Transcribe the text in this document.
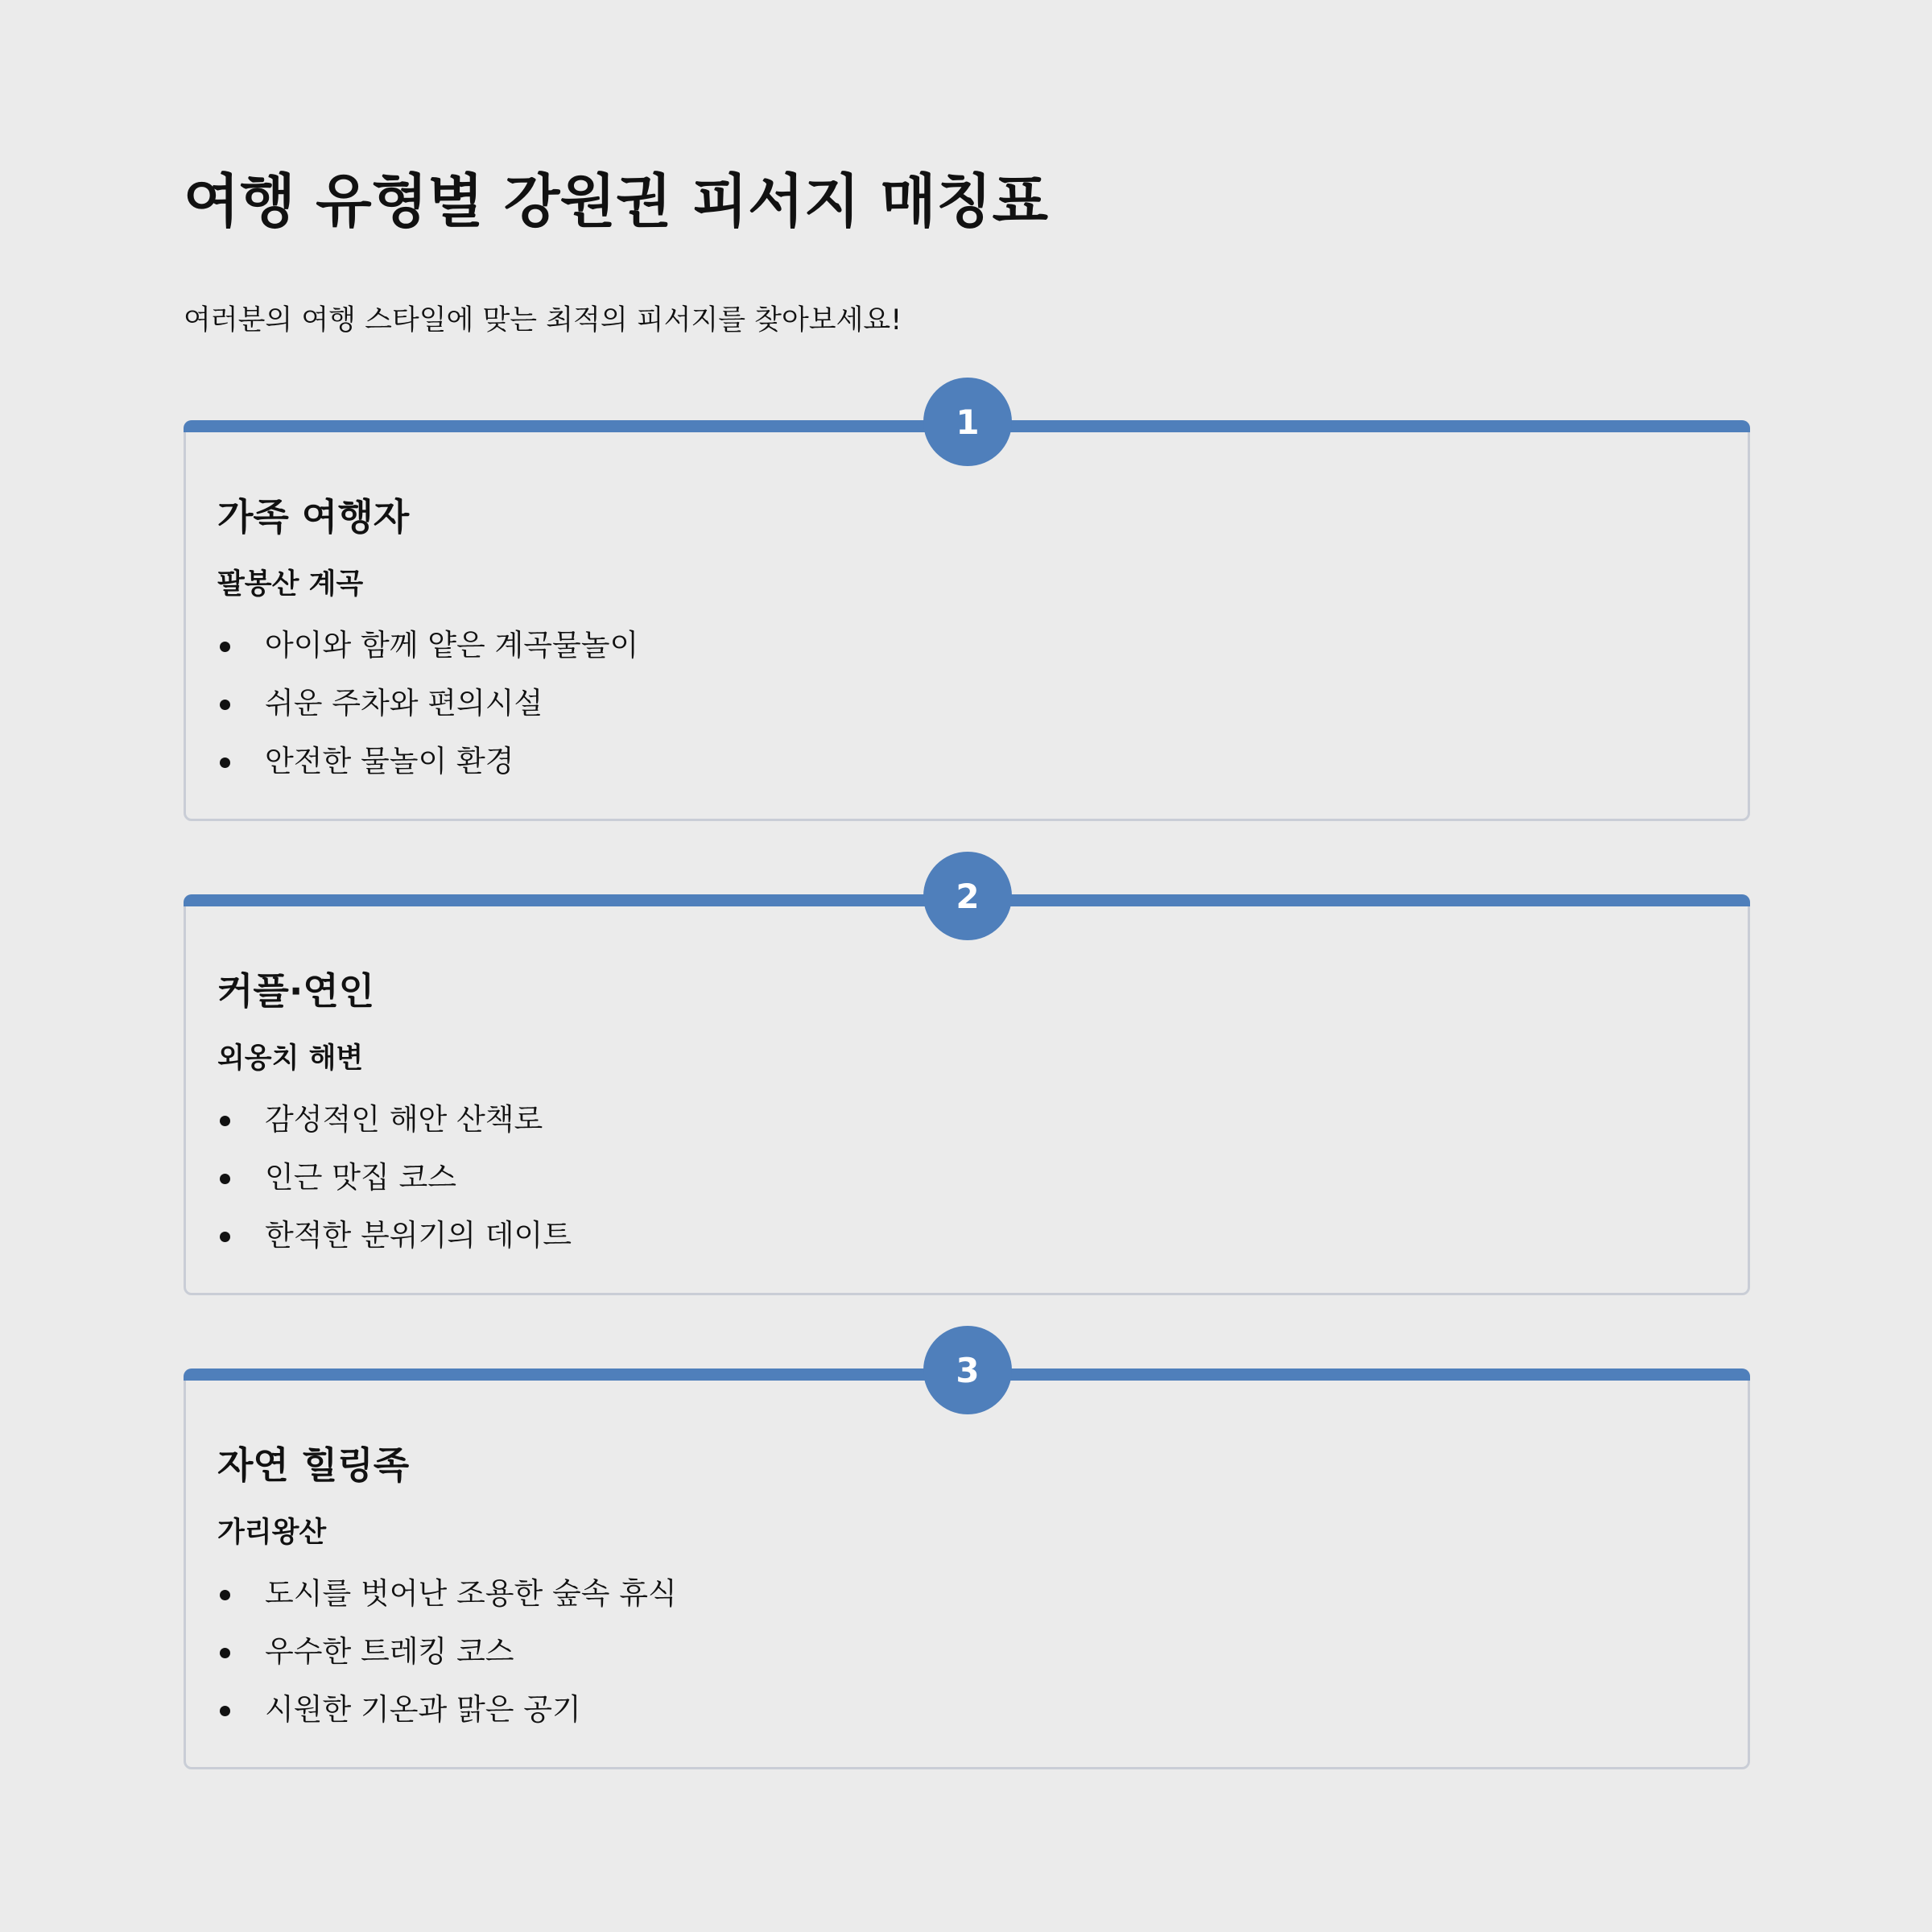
여행 유형별 강원권 피서지 매칭표

여러분의 여행 스타일에 맞는 최적의 피서지를 찾아보세요!

1
가족 여행자
팔봉산 계곡
아이와 함께 얕은 계곡물놀이
쉬운 주차와 편의시설
안전한 물놀이 환경
2
커플·연인
외옹치 해변
감성적인 해안 산책로
인근 맛집 코스
한적한 분위기의 데이트
3
자연 힐링족
가리왕산
도시를 벗어난 조용한 숲속 휴식
우수한 트레킹 코스
시원한 기온과 맑은 공기
